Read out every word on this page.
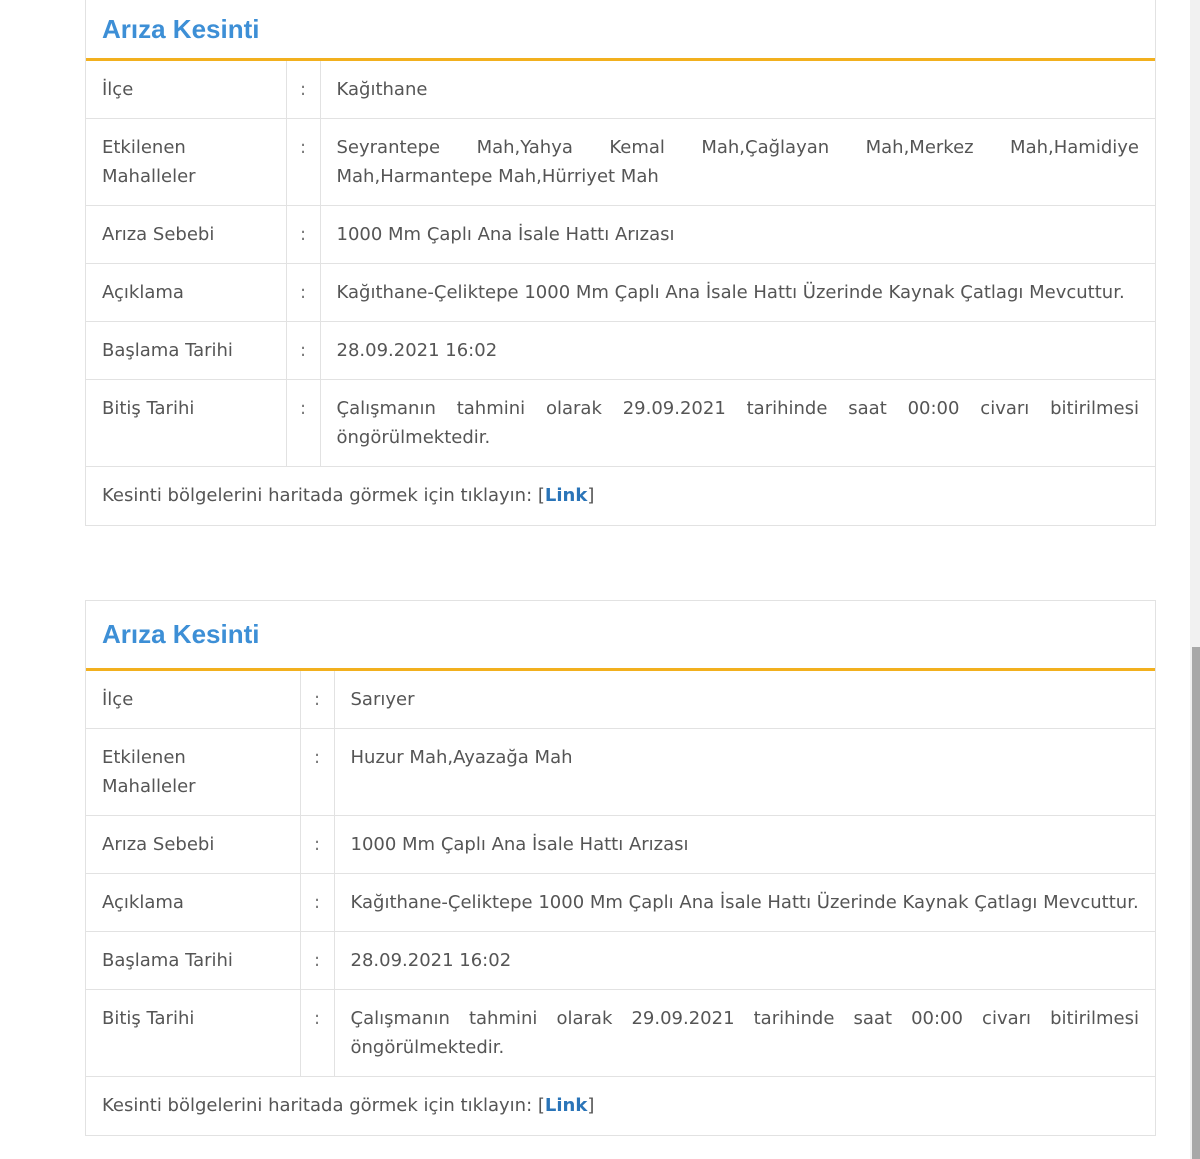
Arıza Kesinti
İlçe	:	Kağıthane
Etkilenen Mahalleler	:	Seyrantepe Mah,Yahya Kemal Mah,Çağlayan Mah,Merkez Mah,Hamidiye Mah,Harmantepe Mah,Hürriyet Mah
Arıza Sebebi	:	1000 Mm Çaplı Ana İsale Hattı Arızası
Açıklama	:	Kağıthane-Çeliktepe 1000 Mm Çaplı Ana İsale Hattı Üzerinde Kaynak Çatlagı Mevcuttur.
Başlama Tarihi	:	28.09.2021 16:02
Bitiş Tarihi	:	Çalışmanın tahmini olarak 29.09.2021 tarihinde saat 00:00 civarı bitirilmesi öngörülmektedir.
Kesinti bölgelerini haritada görmek için tıklayın: [Link]
Arıza Kesinti
İlçe	:	Sarıyer
Etkilenen Mahalleler	:	Huzur Mah,Ayazağa Mah
Arıza Sebebi	:	1000 Mm Çaplı Ana İsale Hattı Arızası
Açıklama	:	Kağıthane-Çeliktepe 1000 Mm Çaplı Ana İsale Hattı Üzerinde Kaynak Çatlagı Mevcuttur.
Başlama Tarihi	:	28.09.2021 16:02
Bitiş Tarihi	:	Çalışmanın tahmini olarak 29.09.2021 tarihinde saat 00:00 civarı bitirilmesi öngörülmektedir.
Kesinti bölgelerini haritada görmek için tıklayın: [Link]
